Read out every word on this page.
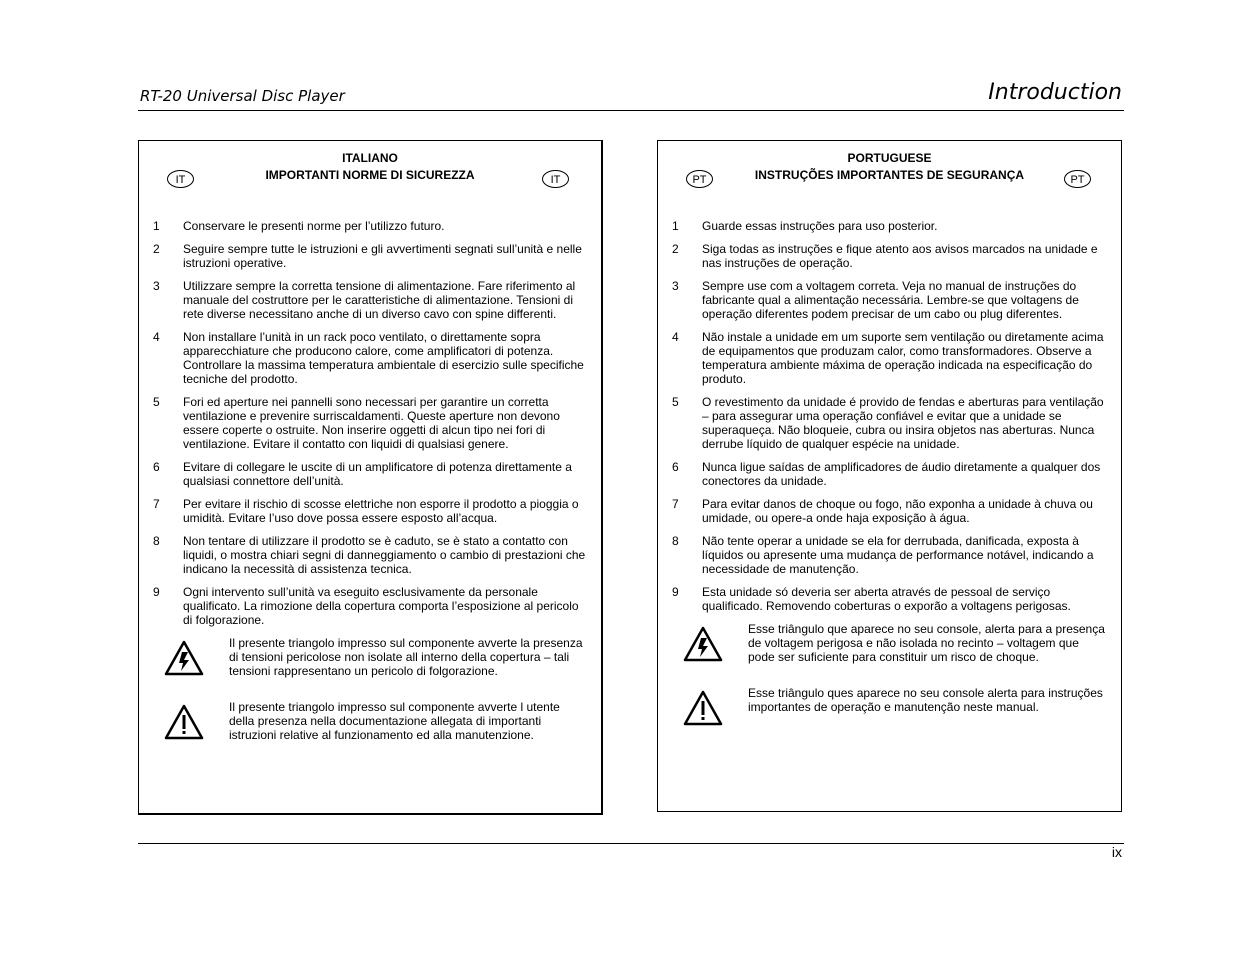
RT-20 Universal Disc Player	Introduction
ITALIANO
IMPORTANTI NORME DI SICUREZZA
IT	IT
1	Conservare le presenti norme per l’utilizzo futuro.
2	Seguire sempre tutte le istruzioni e gli avvertimenti segnati sull’unità e nelle istruzioni operative.
3	Utilizzare sempre la corretta tensione di alimentazione. Fare riferimento al manuale del costruttore per le caratteristiche di alimentazione. Tensioni di rete diverse necessitano anche di un diverso cavo con spine differenti.
4	Non installare l’unità in un rack poco ventilato, o direttamente sopra apparecchiature che producono calore, come amplificatori di potenza. Controllare la massima temperatura ambientale di esercizio sulle specifiche tecniche del prodotto.
5	Fori ed aperture nei pannelli sono necessari per garantire un corretta ventilazione e prevenire surriscaldamenti. Queste aperture non devono essere coperte o ostruite. Non inserire oggetti di alcun tipo nei fori di ventilazione. Evitare il contatto con liquidi di qualsiasi genere.
6	Evitare di collegare le uscite di un amplificatore di potenza direttamente a qualsiasi connettore dell’unità.
7	Per evitare il rischio di scosse elettriche non esporre il prodotto a pioggia o umidità. Evitare l’uso dove possa essere esposto all’acqua.
8	Non tentare di utilizzare il prodotto se è caduto, se è stato a contatto con liquidi, o mostra chiari segni di danneggiamento o cambio di prestazioni che indicano la necessità di assistenza tecnica.
9	Ogni intervento sull’unità va eseguito esclusivamente da personale qualificato. La rimozione della copertura comporta l’esposizione al pericolo di folgorazione.
Il presente triangolo impresso sul componente avverte la presenza di tensioni pericolose non isolate all interno della copertura – tali tensioni rappresentano un pericolo di folgorazione.
Il presente triangolo impresso sul componente avverte l utente della presenza nella documentazione allegata di importanti istruzioni relative al funzionamento ed alla manutenzione.
PORTUGUESE
INSTRUÇÕES IMPORTANTES DE SEGURANÇA
PT	PT
1	Guarde essas instruções para uso posterior.
2	Siga todas as instruções e fique atento aos avisos marcados na unidade e nas instruções de operação.
3	Sempre use com a voltagem correta. Veja no manual de instruções do fabricante qual a alimentação necessária. Lembre-se que voltagens de operação diferentes podem precisar de um cabo ou plug diferentes.
4	Não instale a unidade em um suporte sem ventilação ou diretamente acima de equipamentos que produzam calor, como transformadores. Observe a temperatura ambiente máxima de operação indicada na especificação do produto.
5	O revestimento da unidade é provido de fendas e aberturas para ventilação – para assegurar uma operação confiável e evitar que a unidade se superaqueça. Não bloqueie, cubra ou insira objetos nas aberturas. Nunca derrube líquido de qualquer espécie na unidade.
6	Nunca ligue saídas de amplificadores de áudio diretamente a qualquer dos conectores da unidade.
7	Para evitar danos de choque ou fogo, não exponha a unidade à chuva ou umidade, ou opere-a onde haja exposição à água.
8	Não tente operar a unidade se ela for derrubada, danificada, exposta à líquidos ou apresente uma mudança de performance notável, indicando a necessidade de manutenção.
9	Esta unidade só deveria ser aberta através de pessoal de serviço qualificado. Removendo coberturas o exporão a voltagens perigosas.
Esse triângulo que aparece no seu console, alerta para a presença de voltagem perigosa e não isolada no recinto – voltagem que pode ser suficiente para constituir um risco de choque.
Esse triângulo ques aparece no seu console alerta para instruções importantes de operação e manutenção neste manual.
ix
